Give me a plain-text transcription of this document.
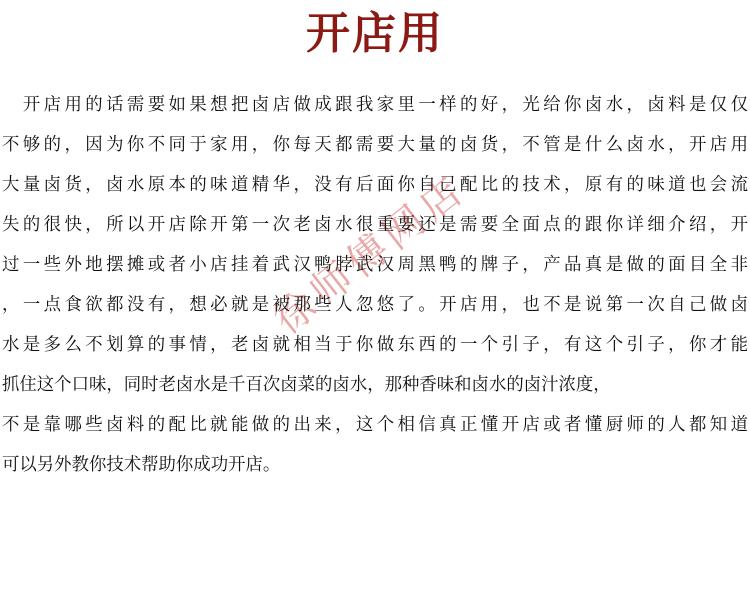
开店用
徐师傅网店
　开店用的话需要如果想把卤店做成跟我家里一样的好，光给你卤水，卤料是仅仅
不够的，因为你不同于家用，你每天都需要大量的卤货，不管是什么卤水，开店用
大量卤货，卤水原本的味道精华，没有后面你自己配比的技术，原有的味道也会流
失的很快，所以开店除开第一次老卤水很重要还是需要全面点的跟你详细介绍，开
过一些外地摆摊或者小店挂着武汉鸭脖武汉周黑鸭的牌子，产品真是做的面目全非
，一点食欲都没有，想必就是被那些人忽悠了。开店用，也不是说第一次自己做卤
水是多么不划算的事情，老卤就相当于你做东西的一个引子，有这个引子，你才能
抓住这个口味，同时老卤水是千百次卤菜的卤水，那种香味和卤水的卤汁浓度，
不是靠哪些卤料的配比就能做的出来，这个相信真正懂开店或者懂厨师的人都知道
可以另外教你技术帮助你成功开店。
